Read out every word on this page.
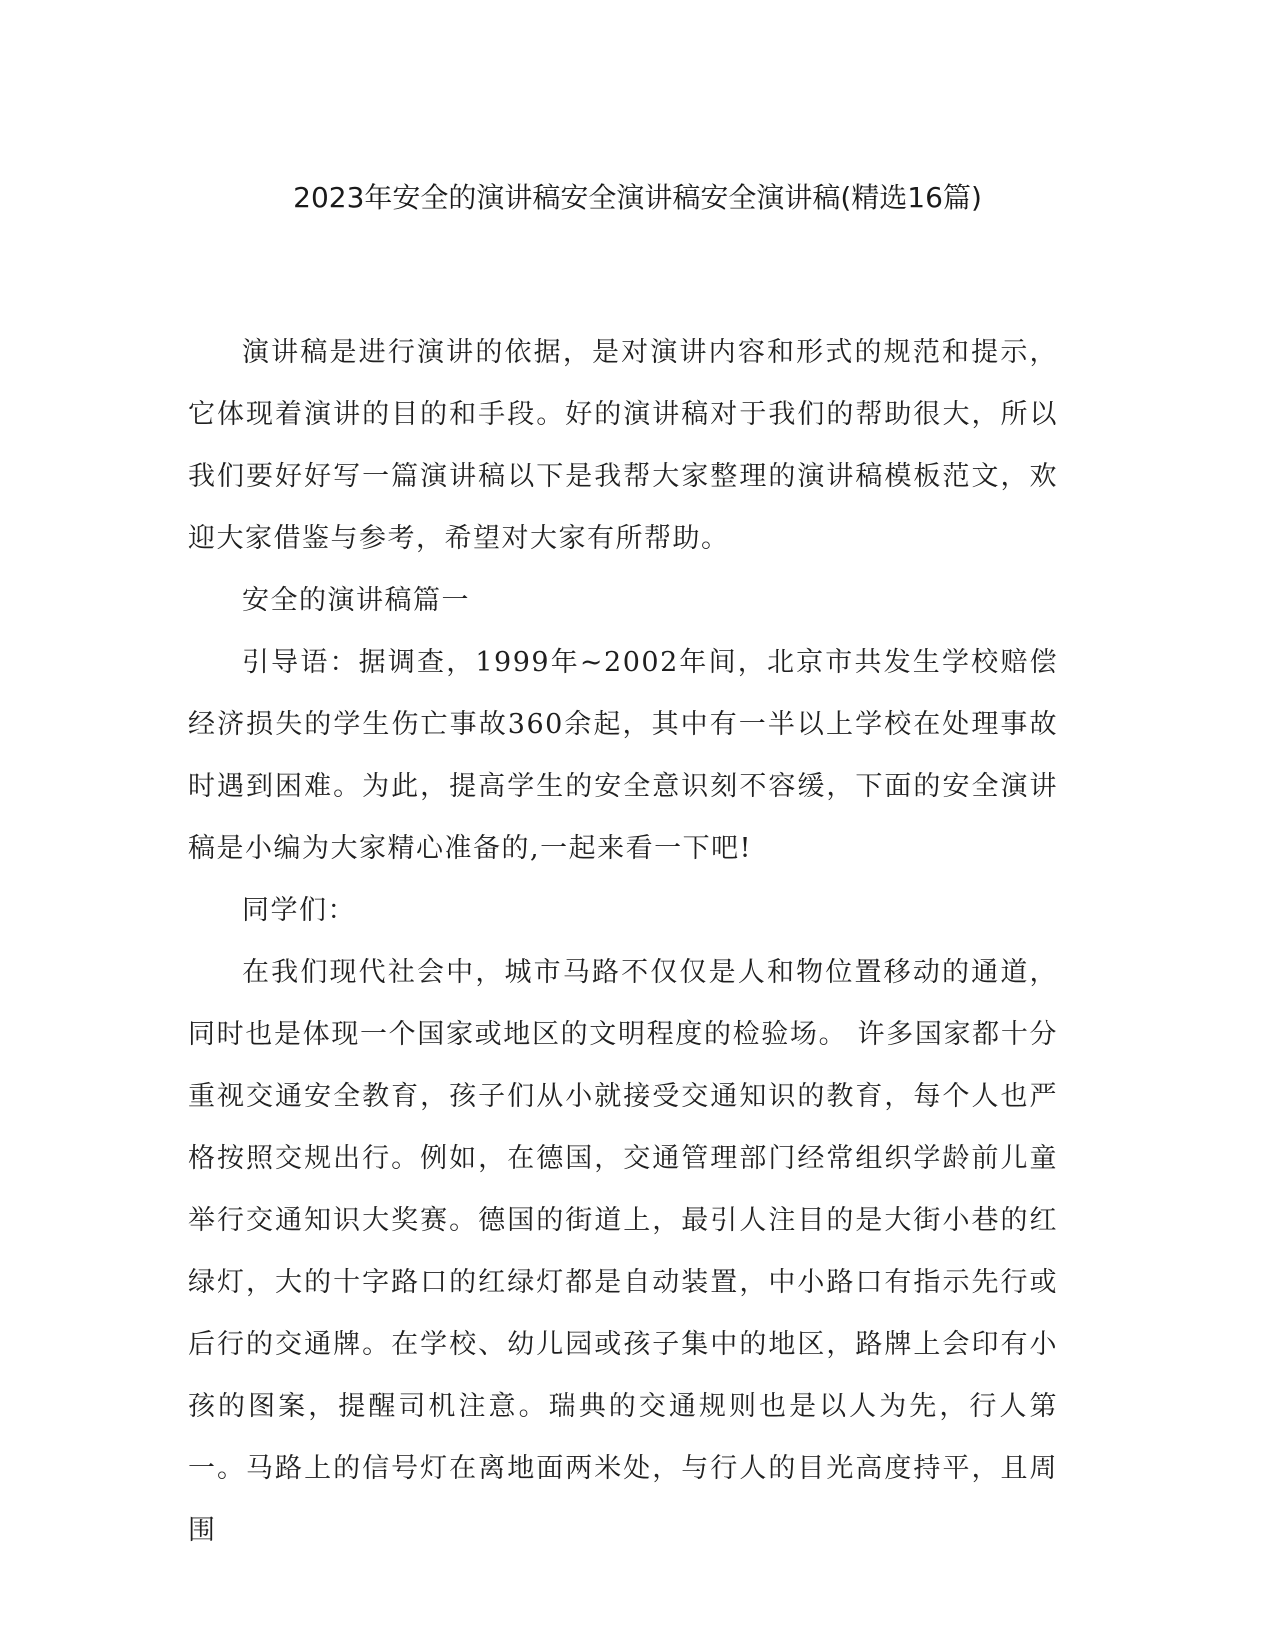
2023年安全的演讲稿安全演讲稿安全演讲稿(精选16篇)

演讲稿是进行演讲的依据，是对演讲内容和形式的规范和提示，它体现着演讲的目的和手段。好的演讲稿对于我们的帮助很大，所以我们要好好写一篇演讲稿以下是我帮大家整理的演讲稿模板范文，欢迎大家借鉴与参考，希望对大家有所帮助。

安全的演讲稿篇一

引导语：据调查，1999年~2002年间，北京市共发生学校赔偿经济损失的学生伤亡事故360余起，其中有一半以上学校在处理事故时遇到困难。为此，提高学生的安全意识刻不容缓，下面的安全演讲稿是小编为大家精心准备的,一起来看一下吧!

同学们：

在我们现代社会中，城市马路不仅仅是人和物位置移动的通道，同时也是体现一个国家或地区的文明程度的检验场。 许多国家都十分重视交通安全教育，孩子们从小就接受交通知识的教育，每个人也严格按照交规出行。例如，在德国，交通管理部门经常组织学龄前儿童举行交通知识大奖赛。德国的街道上，最引人注目的是大街小巷的红绿灯，大的十字路口的红绿灯都是自动装置，中小路口有指示先行或后行的交通牌。在学校、幼儿园或孩子集中的地区，路牌上会印有小孩的图案，提醒司机注意。瑞典的交通规则也是以人为先，行人第一。马路上的信号灯在离地面两米处，与行人的目光高度持平，且周围
